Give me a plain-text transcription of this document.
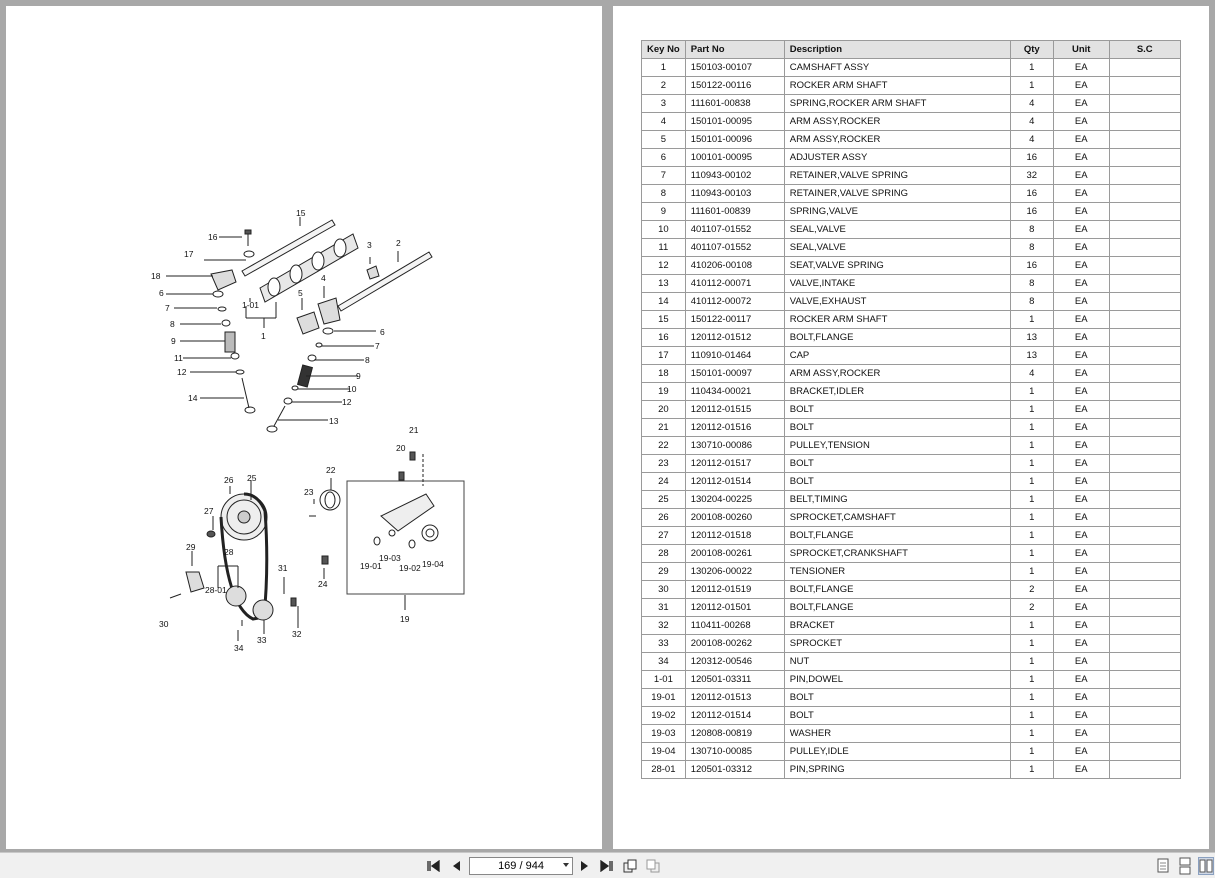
15
16
17
18
6
7
8
9
11
12
14
3	2
4
5
1-01
1	6
7
8
9
10
12
13
21
20
22
23
26 25
27
29	28
28-01
31
24
30
34
33
32
19-01
19-03
19-02 19-04
19
Key No	Part No	Description	Qty	Unit	S.C
1	150103-00107	CAMSHAFT ASSY	1	EA	
2	150122-00116	ROCKER ARM SHAFT	1	EA	
3	111601-00838	SPRING,ROCKER ARM SHAFT	4	EA	
4	150101-00095	ARM ASSY,ROCKER	4	EA	
5	150101-00096	ARM ASSY,ROCKER	4	EA	
6	100101-00095	ADJUSTER ASSY	16	EA	
7	110943-00102	RETAINER,VALVE SPRING	32	EA	
8	110943-00103	RETAINER,VALVE SPRING	16	EA	
9	111601-00839	SPRING,VALVE	16	EA	
10	401107-01552	SEAL,VALVE	8	EA	
11	401107-01552	SEAL,VALVE	8	EA	
12	410206-00108	SEAT,VALVE SPRING	16	EA	
13	410112-00071	VALVE,INTAKE	8	EA	
14	410112-00072	VALVE,EXHAUST	8	EA	
15	150122-00117	ROCKER ARM SHAFT	1	EA	
16	120112-01512	BOLT,FLANGE	13	EA	
17	110910-01464	CAP	13	EA	
18	150101-00097	ARM ASSY,ROCKER	4	EA	
19	110434-00021	BRACKET,IDLER	1	EA	
20	120112-01515	BOLT	1	EA	
21	120112-01516	BOLT	1	EA	
22	130710-00086	PULLEY,TENSION	1	EA	
23	120112-01517	BOLT	1	EA	
24	120112-01514	BOLT	1	EA	
25	130204-00225	BELT,TIMING	1	EA	
26	200108-00260	SPROCKET,CAMSHAFT	1	EA	
27	120112-01518	BOLT,FLANGE	1	EA	
28	200108-00261	SPROCKET,CRANKSHAFT	1	EA	
29	130206-00022	TENSIONER	1	EA	
30	120112-01519	BOLT,FLANGE	2	EA	
31	120112-01501	BOLT,FLANGE	2	EA	
32	110411-00268	BRACKET	1	EA	
33	200108-00262	SPROCKET	1	EA	
34	120312-00546	NUT	1	EA	
1-01	120501-03311	PIN,DOWEL	1	EA	
19-01	120112-01513	BOLT	1	EA	
19-02	120112-01514	BOLT	1	EA	
19-03	120808-00819	WASHER	1	EA	
19-04	130710-00085	PULLEY,IDLE	1	EA	
28-01	120501-03312	PIN,SPRING	1	EA	
169 / 944
